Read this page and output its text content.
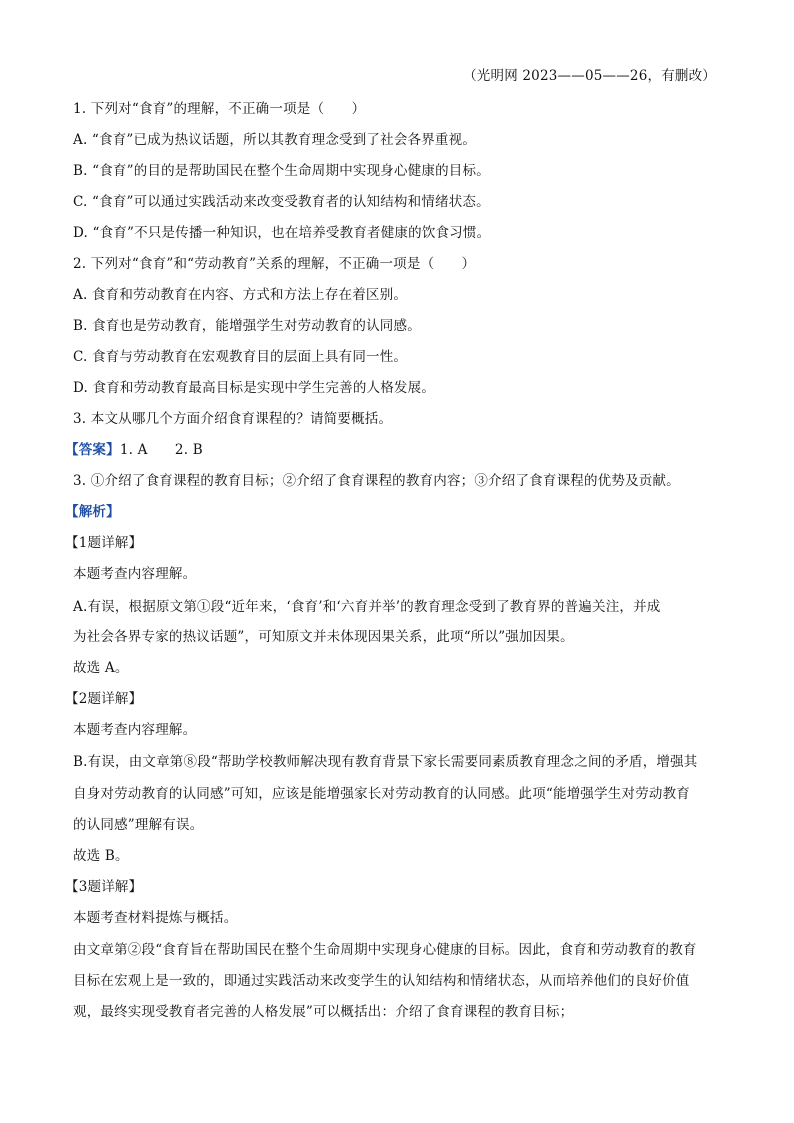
（光明网 2023——05——26，有删改）
1. 下列对“食育”的理解，不正确一项是（　　）
A. “食育”已成为热议话题，所以其教育理念受到了社会各界重视。
B. “食育”的目的是帮助国民在整个生命周期中实现身心健康的目标。
C. “食育”可以通过实践活动来改变受教育者的认知结构和情绪状态。
D. “食育”不只是传播一种知识，也在培养受教育者健康的饮食习惯。
2. 下列对“食育”和“劳动教育”关系的理解，不正确一项是（　　）
A. 食育和劳动教育在内容、方式和方法上存在着区别。
B. 食育也是劳动教育，能增强学生对劳动教育的认同感。
C. 食育与劳动教育在宏观教育目的层面上具有同一性。
D. 食育和劳动教育最高目标是实现中学生完善的人格发展。
3. 本文从哪几个方面介绍食育课程的？请简要概括。
【答案】1. A　　2. B
3. ①介绍了食育课程的教育目标；②介绍了食育课程的教育内容；③介绍了食育课程的优势及贡献。
【解析】
【1题详解】
本题考查内容理解。
A.有误，根据原文第①段“近年来，‘食育’和‘六育并举’的教育理念受到了教育界的普遍关注，并成
为社会各界专家的热议话题”，可知原文并未体现因果关系，此项“所以”强加因果。
故选 A。
【2题详解】
本题考查内容理解。
B.有误，由文章第⑧段“帮助学校教师解决现有教育背景下家长需要同素质教育理念之间的矛盾，增强其
自身对劳动教育的认同感”可知，应该是能增强家长对劳动教育的认同感。此项“能增强学生对劳动教育
的认同感”理解有误。
故选 B。
【3题详解】
本题考查材料提炼与概括。
由文章第②段“食育旨在帮助国民在整个生命周期中实现身心健康的目标。因此，食育和劳动教育的教育
目标在宏观上是一致的，即通过实践活动来改变学生的认知结构和情绪状态，从而培养他们的良好价值
观，最终实现受教育者完善的人格发展”可以概括出：介绍了食育课程的教育目标；
